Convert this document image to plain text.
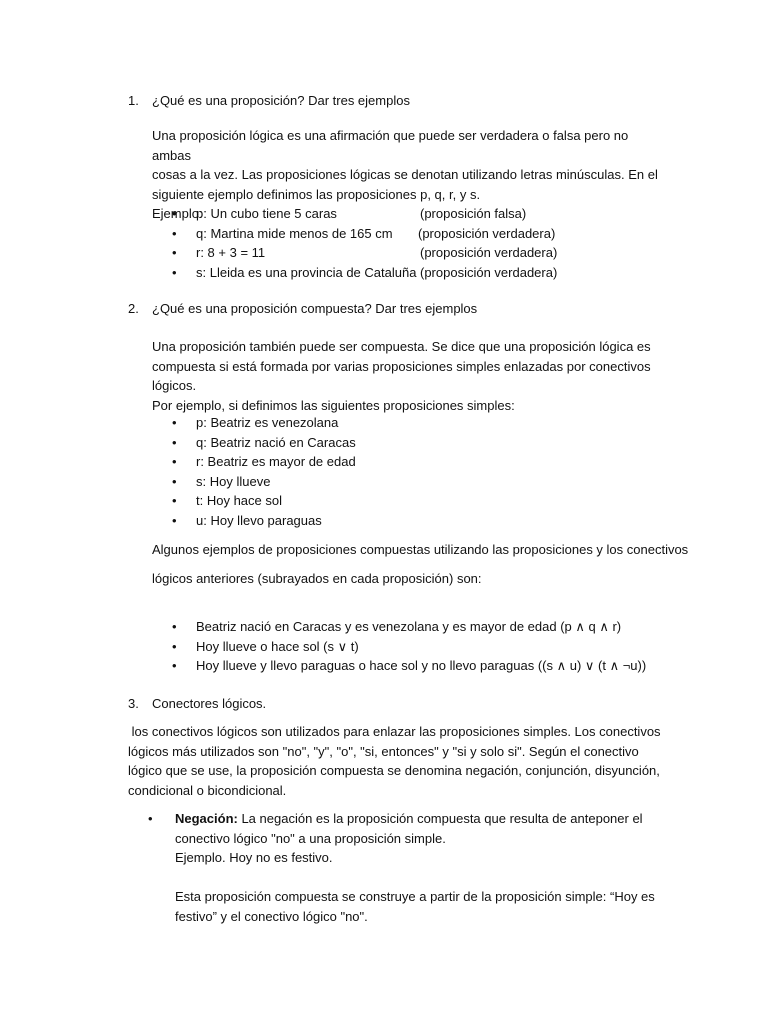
1. ¿Qué es una proposición? Dar tres ejemplos

Una proposición lógica es una afirmación que puede ser verdadera o falsa pero no ambas

cosas a la vez. Las proposiciones lógicas se denotan utilizando letras minúsculas. En el

siguiente ejemplo definimos las proposiciones p, q, r, y s.

Ejemplo:

• p: Un cubo tiene 5 caras	(proposición falsa)
• q: Martina mide menos de 165 cm (proposición verdadera)
• r: 8 + 3 = 11	(proposición verdadera)
• s: Lleida es una provincia de Cataluña (proposición verdadera)
2. ¿Qué es una proposición compuesta? Dar tres ejemplos

Una proposición también puede ser compuesta. Se dice que una proposición lógica es

compuesta si está formada por varias proposiciones simples enlazadas por conectivos

lógicos.

Por ejemplo, si definimos las siguientes proposiciones simples:

• p: Beatriz es venezolana
• q: Beatriz nació en Caracas
• r: Beatriz es mayor de edad
• s: Hoy llueve
• t: Hoy hace sol
• u: Hoy llevo paraguas
Algunos ejemplos de proposiciones compuestas utilizando las proposiciones y los conectivos
lógicos anteriores (subrayados en cada proposición) son:
• Beatriz nació en Caracas y es venezolana y es mayor de edad (p ∧ q ∧ r)
• Hoy llueve o hace sol (s ∨ t)
• Hoy llueve y llevo paraguas o hace sol y no llevo paraguas ((s ∧ u) ∨ (t ∧ ¬u))
3. Conectores lógicos.

los conectivos lógicos son utilizados para enlazar las proposiciones simples. Los conectivos

lógicos más utilizados son "no", "y", "o", "si, entonces" y "si y solo si". Según el conectivo

lógico que se use, la proposición compuesta se denomina negación, conjunción, disyunción,

condicional o bicondicional.

• Negación: La negación es la proposición compuesta que resulta de anteponer el
conectivo lógico "no" a una proposición simple.
Ejemplo. Hoy no es festivo.
Esta proposición compuesta se construye a partir de la proposición simple: “Hoy es
festivo” y el conectivo lógico "no".
